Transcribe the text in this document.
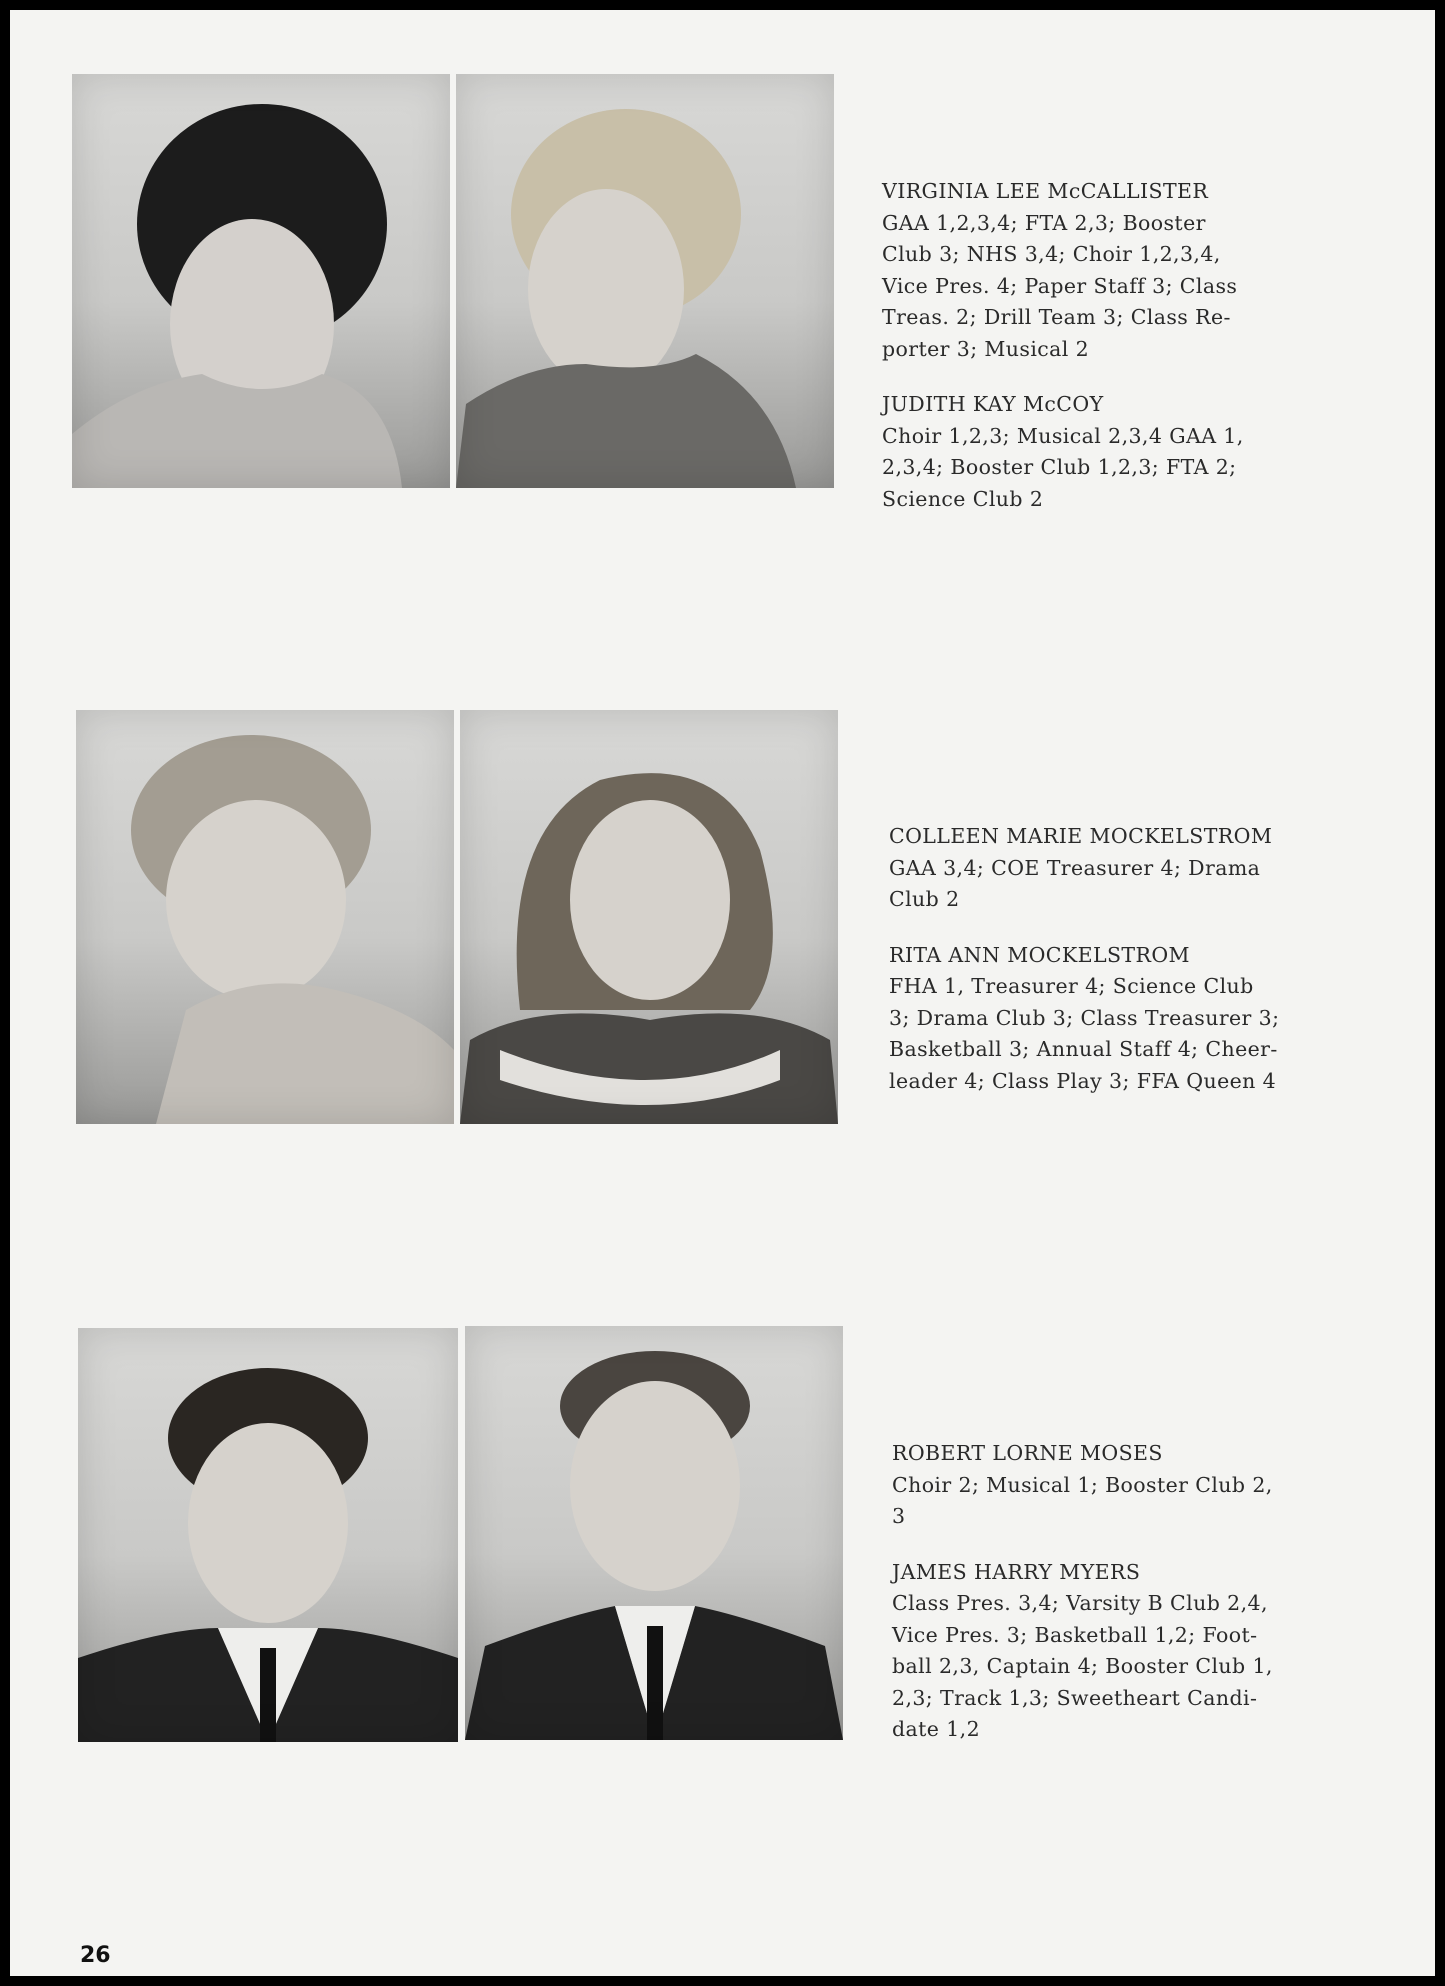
VIRGINIA LEE McCALLISTER
GAA 1,2,3,4; FTA 2,3; Booster
Club 3; NHS 3,4; Choir 1,2,3,4,
Vice Pres. 4; Paper Staff 3; Class
Treas. 2; Drill Team 3; Class Re-
porter 3; Musical 2
JUDITH KAY McCOY
Choir 1,2,3; Musical 2,3,4 GAA 1,
2,3,4; Booster Club 1,2,3; FTA 2;
Science Club 2
COLLEEN MARIE MOCKELSTROM
GAA 3,4; COE Treasurer 4; Drama
Club 2
RITA ANN MOCKELSTROM
FHA 1, Treasurer 4; Science Club
3; Drama Club 3; Class Treasurer 3;
Basketball 3; Annual Staff 4; Cheer-
leader 4; Class Play 3; FFA Queen 4
ROBERT LORNE MOSES
Choir 2; Musical 1; Booster Club 2,
3
JAMES HARRY MYERS
Class Pres. 3,4; Varsity B Club 2,4,
Vice Pres. 3; Basketball 1,2; Foot-
ball 2,3, Captain 4; Booster Club 1,
2,3; Track 1,3; Sweetheart Candi-
date 1,2
26
